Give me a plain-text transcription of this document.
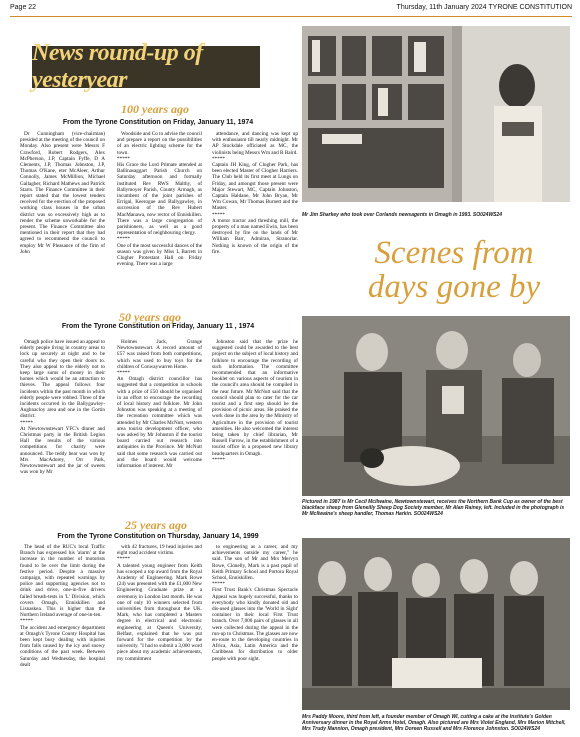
Page 22	Thursday, 11th January 2024 TYRONE CONSTITUTION
News round-up of yesteryear
100 years ago
From the Tyrone Constitution on Friday, January 11, 1974

Dr Cunningham (vice-chairman) presided at the meeting of the council on Monday. Also present were Messrs F Crawford, Robert Rodgers, Alex McPherson, J.P, Captain Fyffe, D A Clements, J.P, Thomas Johnston, J.P, Thomas O'Kane, eter McAleer, Arthur Connolly, James McMillion, Michael Gallagher, Richard Mathews and Patrick Starrs. The Finance Committee in their report stated that the lowest tenders received for the erection of the proposed working class houses in the urban district was so excessively high as to render the scheme unworkable for the present. The Finance Committee also mentioned in their report that they had agreed to recommend the council to employ Mr W Pleasance of the firm of John

Woodside and Co to advise the council and prepare a report on the possibilities of an electric lighting scheme for the town.
*****
His Grace the Lord Primate attended at Ballinasaggart Parish Church on Saturday afternoon and formally instituted Rev RWS Malthy, of Ballymoyer Parish, County Armagh, as incumbent of the joint parishes of Errigal, Keerogue and Ballygawley, in succession of the Rev Hubert MacManawa, now rector of Enniskillen. There was a large congregation of parishioners, as well as a good representation of neighbouring clergy.
*****
One of the most successful dances of the season was given by Miss L Barrett in Clogher Protestant Hall on Friday evening. There was a large

attendance, and dancing was kept up with enthusiasm till nearly midnight. Mr AP Stockdale officiated as MC, the violinists being Messrs Wm and R Baird.
*****
Captain JH King, of Clogher Park, has been elected Master of Clogher Harriers. The Club held its first meet at Lungs on Friday, and amongst those present were Major Stewart, MC, Captain Johnston, Captain Haldane, Mr John Bryan, Mr Wm Cowan, Mr Thomas Burnett and the Master.
*****
A motor tractor and threshing mill, the property of a man named Ewin, has been destroyed by fire on the lands of Mr William Barr, Admiran, Stranorlar. Nothing is known of the origin of the fire.

50 years ago
From the Tyrone Constitution on Friday, January 11 , 1974

Omagh police have issued an appeal to elderly people living in country areas to lock up securely at night and to be careful who they open their doors to. They also appeal to the elderly not to keep large sums of money in their homes which would be an attraction to thieves. The appeal follows four incidents within the past month in which elderly people were robbed. Three of the incidents occurred in the Ballygawley-Aughnacloy area and one in the Gortin district.
*****
At Newtownstewart YFC's dinner and Christmas party in the British Legion Hall the results of the various competitions for charity were announced. The teddy bear was won by Mrs MacAdorey, Orr Park, Newtownstewart and the jar of sweets was won by Mr

Holmes Jack, Grange Newtownstewart. A record amount of £57 was raised from both competitions, which was used to buy toys for the children of Conwaywarren Home.
*****
An Omagh district councillor has suggested that a competition in schools with a prize of £50 should be organised in an effort to encourage the recording of local history and folklore. Mr John Johnston was speaking at a meeting of the recreation committee which was attended by Mr Charles McNutt, western area tourist development officer, who was asked by Mr Johnston if the tourist board carried out research into antiquities in the Province. Mr McNutt said that some research was carried out and the board would welcome information of interest. Mr

Johnston said that the prize he suggested could be awarded to the best project on the subject of local history and folklore to encourage the recording of such information. The committee recommended that an informative booklet on various aspects of tourism in the council's area should be compiled in the near future. Mr McNutt said that the council should plan to cater for the car tourist and a first step should be the provision of picnic areas. He praised the work done in the area by the Ministry of Agriculture in the provision of tourist amenities. He also welcomed the interest being taken by chief librarian, Mr Russell Farrow, in the establishment of a tourist office in a proposed new library headquarters in Omagh.
*****

25 years ago
From the Tyrone Constitution on Thursday, January 14, 1999

The head of the RUC's local Traffic Branch has expressed his 'alarm' at the increase in the number of motorists found to be over the limit during the festive period. Despite a massive campaign, with repeated warnings by police and supporting agencies not to drink and drive, one-in-five drivers failed breath-tests in 'L' Division, which covers Omagh, Enniskillen and Lisnaskea. This is higher than the Northern Ireland average of one-in-ten.
*****
The accident and emergency department at Omagh's Tyrone County Hospital has been kept busy dealing with injuries from falls caused by the icy and snowy conditions of the past week. Between Saturday and Wednesday, the hospital dealt

with 42 fractures, 19 head injuries and eight road accident victims.
*****
A talented young engineer from Keith has scooped a top award from the Royal Academy of Engineering. Mark Rowe (24) was presented with the £1,000 New Engineering Graduate prize at a ceremony in London last month. He was one of only 10 winners selected from universities from throughout the UK. Mark, who has completed a Masters degree in electrical and electronic engineering at Queen's University, Belfast, explained that he was put forward for the competition by the university. "I had to submit a 3,000 word piece about my academic achievements, my commitment

to engineering as a career, and my achievements outside my career," he said. The son of Mr and Mrs Mervyn Rowe, Clonelly, Mark is a past pupil of Keith Primary School and Portora Royal School, Enniskillen.
*****
First Trust Bank's Christmas Spectacle Appeal was hugely successful, thanks to everybody who kindly donated old and dis-used glasses into the 'World in Sight' container in their local First Trust branch. Over 7,000 pairs of glasses in all were collected during the appeal in the run-up to Christmas. The glasses are now en-route to the developing countries in Africa, Asia, Latin America and the Caribbean for distribution to older people with poor sight.

Mr Jim Sharkey who took over Corlands newsagents in Omagh in 1993. SO024WS24
Scenes from days gone by
Pictured in 1987 is Mr Cecil McIlwaine, Newtownstewart, receives the Northern Bank Cup as owner of the best blackface sheep from Gleneilly Sheep Dog Society member, Mr Alan Rainey, left. Included in the photograph is Mr McIlwaine's sheep handler, Thomas Harkin. SO024WS24
Mrs Paddy Moore, third from left, a founder member of Omagh WI, cutting a cake at the Institute's Golden Anniversary dinner in the Royal Arms Hotel, Omagh. Also pictured are Mrs Violet England, Mrs Marion Mitchell, Mrs Trudy Mannion, Omagh president, Mrs Doreen Russell and Mrs Florence Johnston. SO024WS24
